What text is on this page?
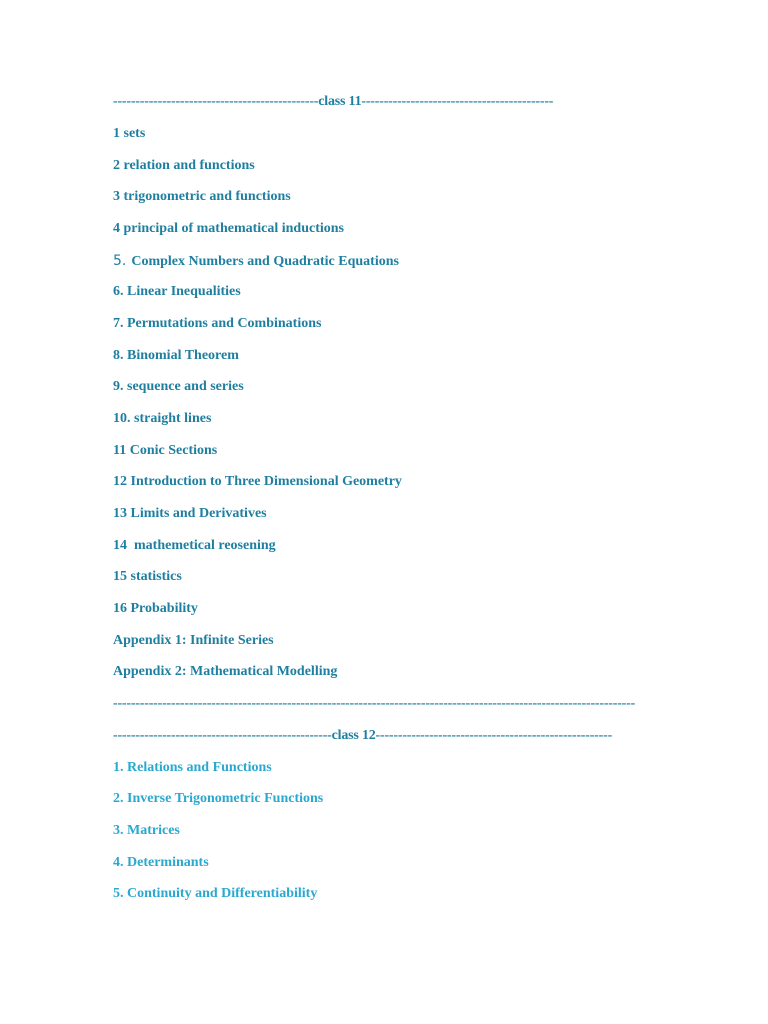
----------------------------------------------class 11-------------------------------------------
1 sets
2 relation and functions
3 trigonometric and functions
4 principal of mathematical inductions
5. Complex Numbers and Quadratic Equations
6. Linear Inequalities
7. Permutations and Combinations
8. Binomial Theorem
9. sequence and series
10. straight lines
11 Conic Sections
12 Introduction to Three Dimensional Geometry
13 Limits and Derivatives
14  mathemetical reosening
15 statistics
16 Probability
Appendix 1: Infinite Series
Appendix 2: Mathematical Modelling
---------------------------------------------------------------------------------------------------------------------
-------------------------------------------------class 12-----------------------------------------------------
1. Relations and Functions
2. Inverse Trigonometric Functions
3. Matrices
4. Determinants
5. Continuity and Differentiability
